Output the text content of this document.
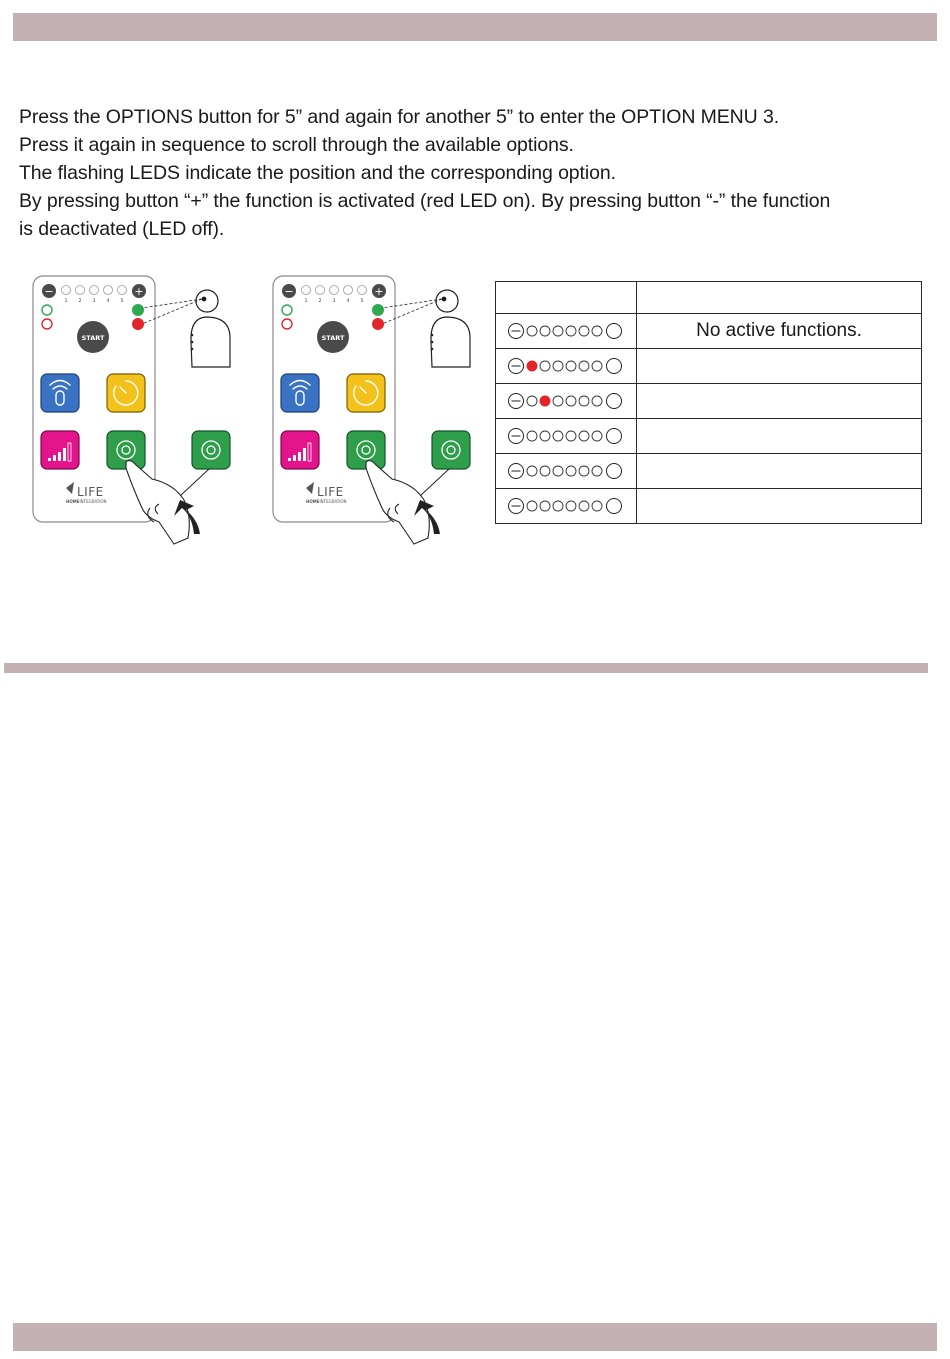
Press the OPTIONS button for 5” and again for another 5” to enter the OPTION MENU 3.

Press it again in sequence to scroll through the available options.

The flashing LEDS indicate the position and the corresponding option.

By pressing button “+” the function is activated (red LED on). By pressing button “-” the function

is deactivated (LED off).

−
1 2 3 4 5
+
START
LIFE
HOMEINTEGRATION
−
1 2 3 4 5
+
START
LIFE
HOMEINTEGRATION

	No active functions.
